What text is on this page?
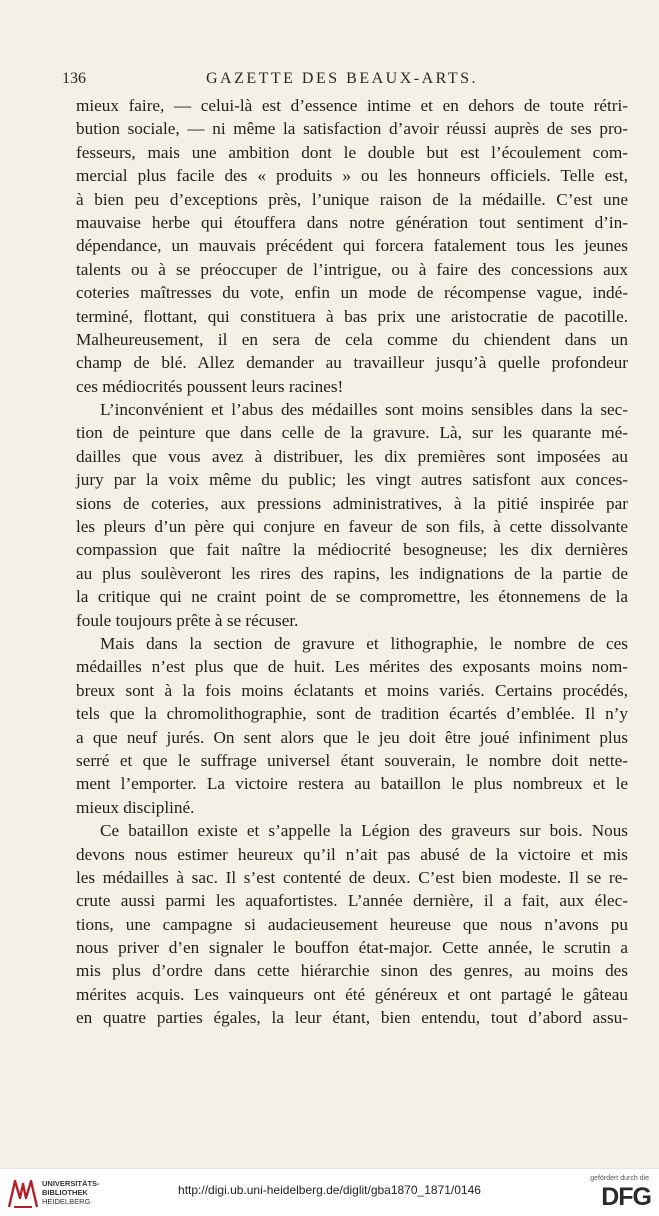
136	GAZETTE DES BEAUX-ARTS.

mieux faire, — celui-là est d’essence intime et en dehors de toute rétri-
bution sociale, — ni même la satisfaction d’avoir réussi auprès de ses pro-
fesseurs, mais une ambition dont le double but est l’écoulement com-
mercial plus facile des « produits » ou les honneurs officiels. Telle est,
à bien peu d’exceptions près, l’unique raison de la médaille. C’est une
mauvaise herbe qui étouffera dans notre génération tout sentiment d’in-
dépendance, un mauvais précédent qui forcera fatalement tous les jeunes
talents ou à se préoccuper de l’intrigue, ou à faire des concessions aux
coteries maîtresses du vote, enfin un mode de récompense vague, indé-
terminé, flottant, qui constituera à bas prix une aristocratie de pacotille.
Malheureusement, il en sera de cela comme du chiendent dans un
champ de blé. Allez demander au travailleur jusqu’à quelle profondeur
ces médiocrités poussent leurs racines!

L’inconvénient et l’abus des médailles sont moins sensibles dans la sec-
tion de peinture que dans celle de la gravure. Là, sur les quarante mé-
dailles que vous avez à distribuer, les dix premières sont imposées au
jury par la voix même du public; les vingt autres satisfont aux conces-
sions de coteries, aux pressions administratives, à la pitié inspirée par
les pleurs d’un père qui conjure en faveur de son fils, à cette dissolvante
compassion que fait naître la médiocrité besogneuse; les dix dernières
au plus soulèveront les rires des rapins, les indignations de la partie de
la critique qui ne craint point de se compromettre, les étonnemens de la
foule toujours prête à se récuser.

Mais dans la section de gravure et lithographie, le nombre de ces
médailles n’est plus que de huit. Les mérites des exposants moins nom-
breux sont à la fois moins éclatants et moins variés. Certains procédés,
tels que la chromolithographie, sont de tradition écartés d’emblée. Il n’y
a que neuf jurés. On sent alors que le jeu doit être joué infiniment plus
serré et que le suffrage universel étant souverain, le nombre doit nette-
ment l’emporter. La victoire restera au bataillon le plus nombreux et le
mieux discipliné.

Ce bataillon existe et s’appelle la Légion des graveurs sur bois. Nous
devons nous estimer heureux qu’il n’ait pas abusé de la victoire et mis
les médailles à sac. Il s’est contenté de deux. C’est bien modeste. Il se re-
crute aussi parmi les aquafortistes. L’année dernière, il a fait, aux élec-
tions, une campagne si audacieusement heureuse que nous n’avons pu
nous priver d’en signaler le bouffon état-major. Cette année, le scrutin a
mis plus d’ordre dans cette hiérarchie sinon des genres, au moins des
mérites acquis. Les vainqueurs ont été généreux et ont partagé le gâteau
en quatre parties égales, la leur étant, bien entendu, tout d’abord assu-

UNIVERSITÄTS-
BIBLIOTHEK
HEIDELBERG
http://digi.ub.uni-heidelberg.de/diglit/gba1870_1871/0146
gefördert durch die
DFG
